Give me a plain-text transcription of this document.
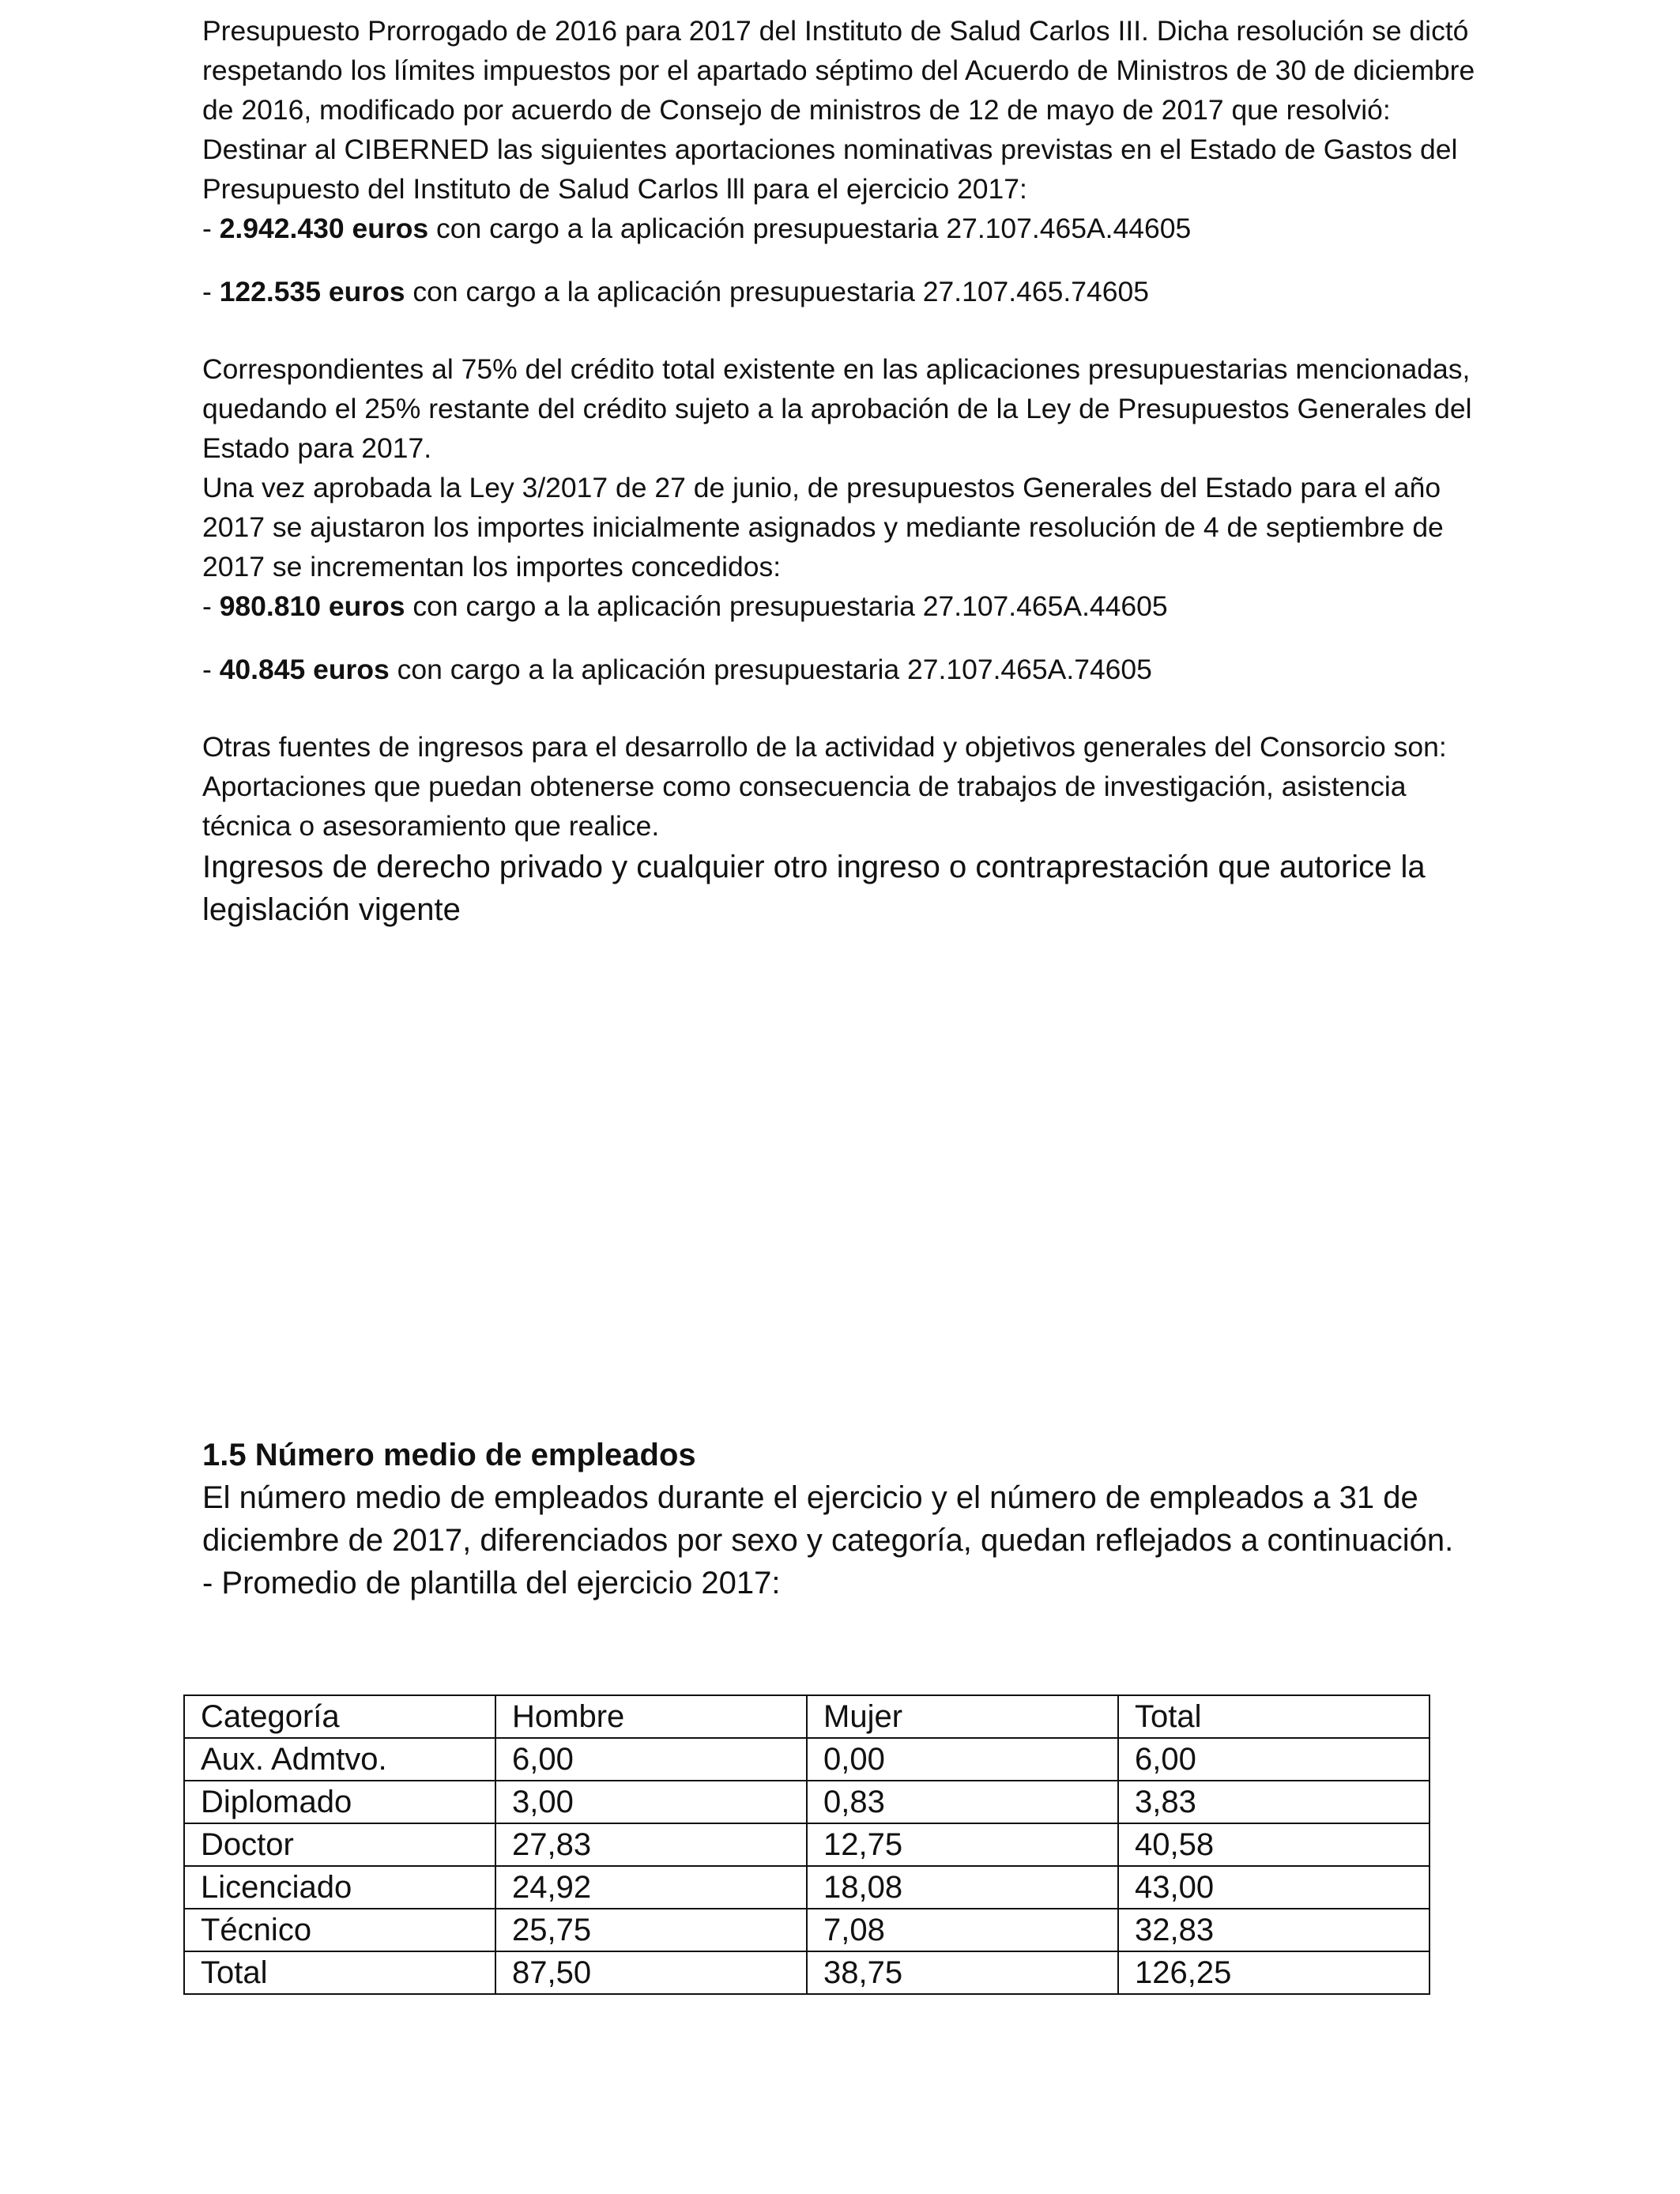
Presupuesto Prorrogado de 2016 para 2017 del Instituto de Salud Carlos III. Dicha resolución se dictó respetando los límites impuestos por el apartado séptimo del Acuerdo de Ministros de 30 de diciembre de 2016, modificado por acuerdo de Consejo de ministros de 12 de mayo de 2017 que resolvió:

Destinar al CIBERNED las siguientes aportaciones nominativas previstas en el Estado de Gastos del Presupuesto del Instituto de Salud Carlos lll para el ejercicio 2017:

- 2.942.430 euros con cargo a la aplicación presupuestaria 27.107.465A.44605

- 122.535 euros con cargo a la aplicación presupuestaria 27.107.465.74605

Correspondientes al 75% del crédito total existente en las aplicaciones presupuestarias mencionadas, quedando el 25% restante del crédito sujeto a la aprobación de la Ley de Presupuestos Generales del Estado para 2017.

Una vez aprobada la Ley 3/2017 de 27 de junio, de presupuestos Generales del Estado para el año 2017 se ajustaron los importes inicialmente asignados y mediante resolución de 4 de septiembre de 2017 se incrementan los importes concedidos:

- 980.810 euros con cargo a la aplicación presupuestaria 27.107.465A.44605

- 40.845 euros con cargo a la aplicación presupuestaria 27.107.465A.74605

Otras fuentes de ingresos para el desarrollo de la actividad y objetivos generales del Consorcio son:

Aportaciones que puedan obtenerse como consecuencia de trabajos de investigación, asistencia técnica o asesoramiento que realice.

Ingresos de derecho privado y cualquier otro ingreso o contraprestación que autorice la legislación vigente

1.5 Número medio de empleados

El número medio de empleados durante el ejercicio y el número de empleados a 31 de diciembre de 2017, diferenciados por sexo y categoría, quedan reflejados a continuación.

- Promedio de plantilla del ejercicio 2017:

Categoría	Hombre	Mujer	Total
Aux. Admtvo.	6,00	0,00	6,00
Diplomado	3,00	0,83	3,83
Doctor	27,83	12,75	40,58
Licenciado	24,92	18,08	43,00
Técnico	25,75	7,08	32,83
Total	87,50	38,75	126,25
